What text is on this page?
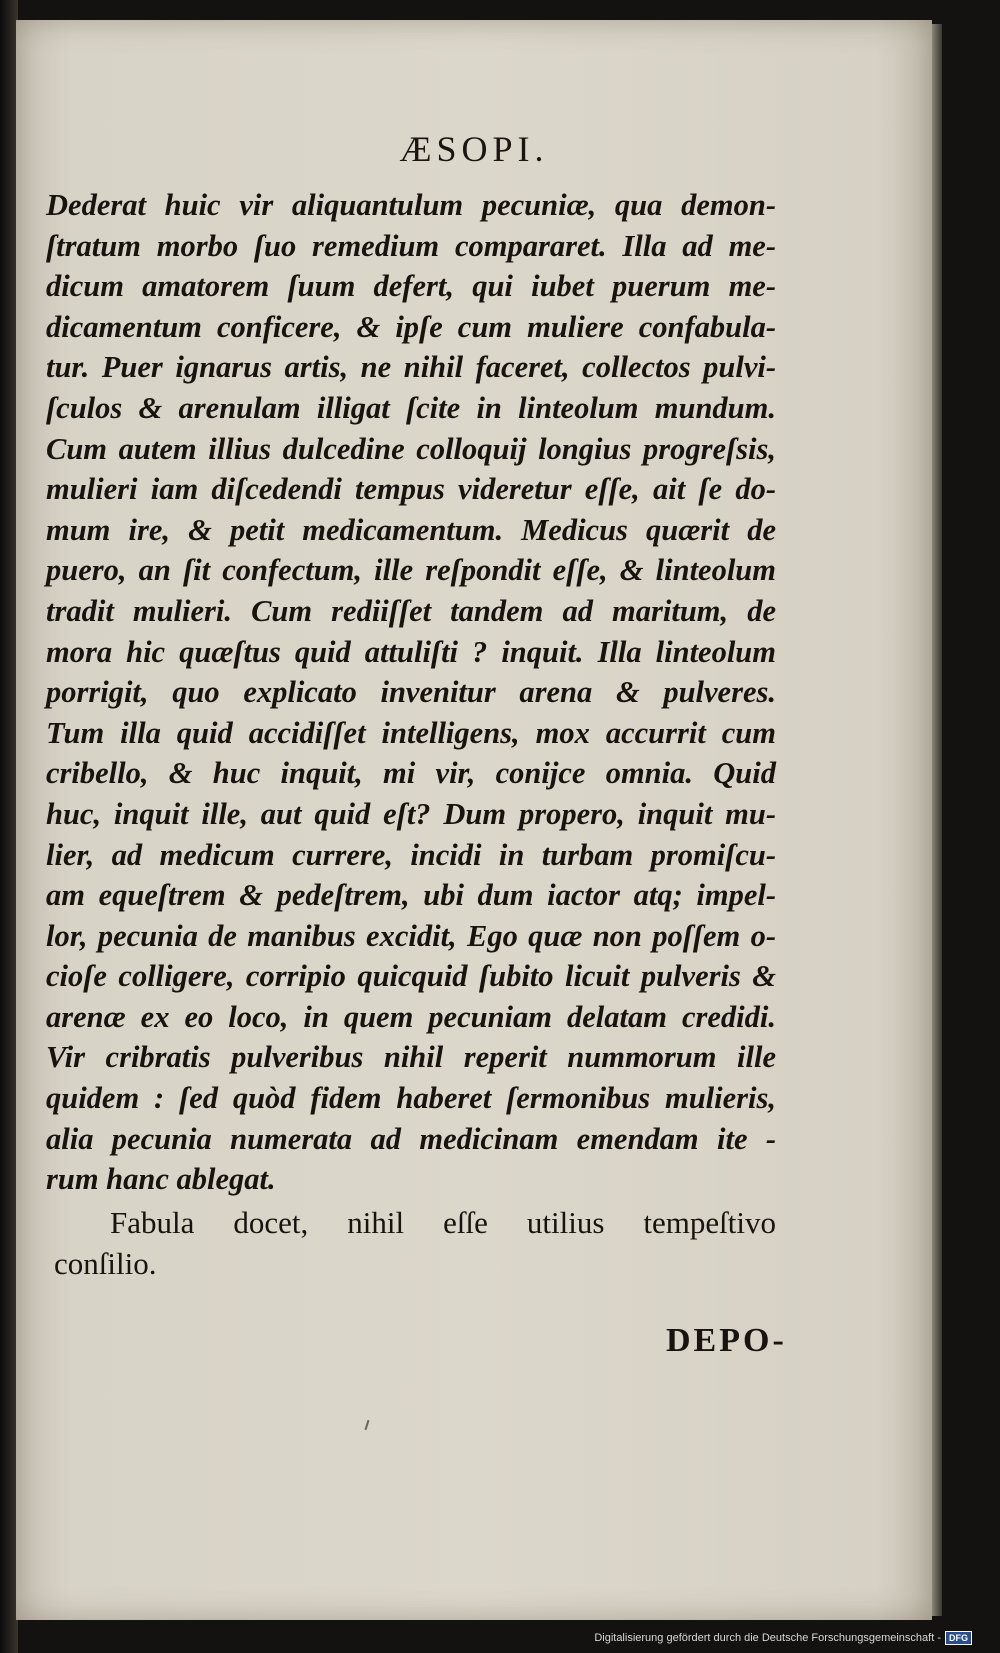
ÆSOPI.
Dederat huic vir aliquantulum pecuniæ, qua demon-
ſtratum morbo ſuo remedium compararet. Illa ad me-
dicum amatorem ſuum defert, qui iubet puerum me-
dicamentum conficere, & ipſe cum muliere confabula-
tur. Puer ignarus artis, ne nihil faceret, collectos pulvi-
ſculos & arenulam illigat ſcite in linteolum mundum.
Cum autem illius dulcedine colloquij longius progreſsis,
mulieri iam diſcedendi tempus videretur eſſe, ait ſe do-
mum ire, & petit medicamentum. Medicus quærit de
puero, an ſit confectum, ille reſpondit eſſe, & linteolum
tradit mulieri. Cum rediiſſet tandem ad maritum, de
mora hic quæſtus quid attuliſti ? inquit. Illa linteolum
porrigit, quo explicato invenitur arena & pulveres.
Tum illa quid accidiſſet intelligens, mox accurrit cum
cribello, & huc inquit, mi vir, conijce omnia. Quid
huc, inquit ille, aut quid eſt? Dum propero, inquit mu-
lier, ad medicum currere, incidi in turbam promiſcu-
am equeſtrem & pedeſtrem, ubi dum iactor atq; impel-
lor, pecunia de manibus excidit, Ego quæ non poſſem o-
cioſe colligere, corripio quicquid ſubito licuit pulveris &
arenæ ex eo loco, in quem pecuniam delatam credidi.
Vir cribratis pulveribus nihil reperit nummorum ille
quidem : ſed quòd fidem haberet ſermonibus mulieris,
alia pecunia numerata ad medicinam emendam ite -
rum hanc ablegat.
Fabula docet, nihil eſſe utilius tempeſtivo
conſilio.
DEPO-
Digitalisierung gefördert durch die Deutsche Forschungsgemeinschaft - DFG
